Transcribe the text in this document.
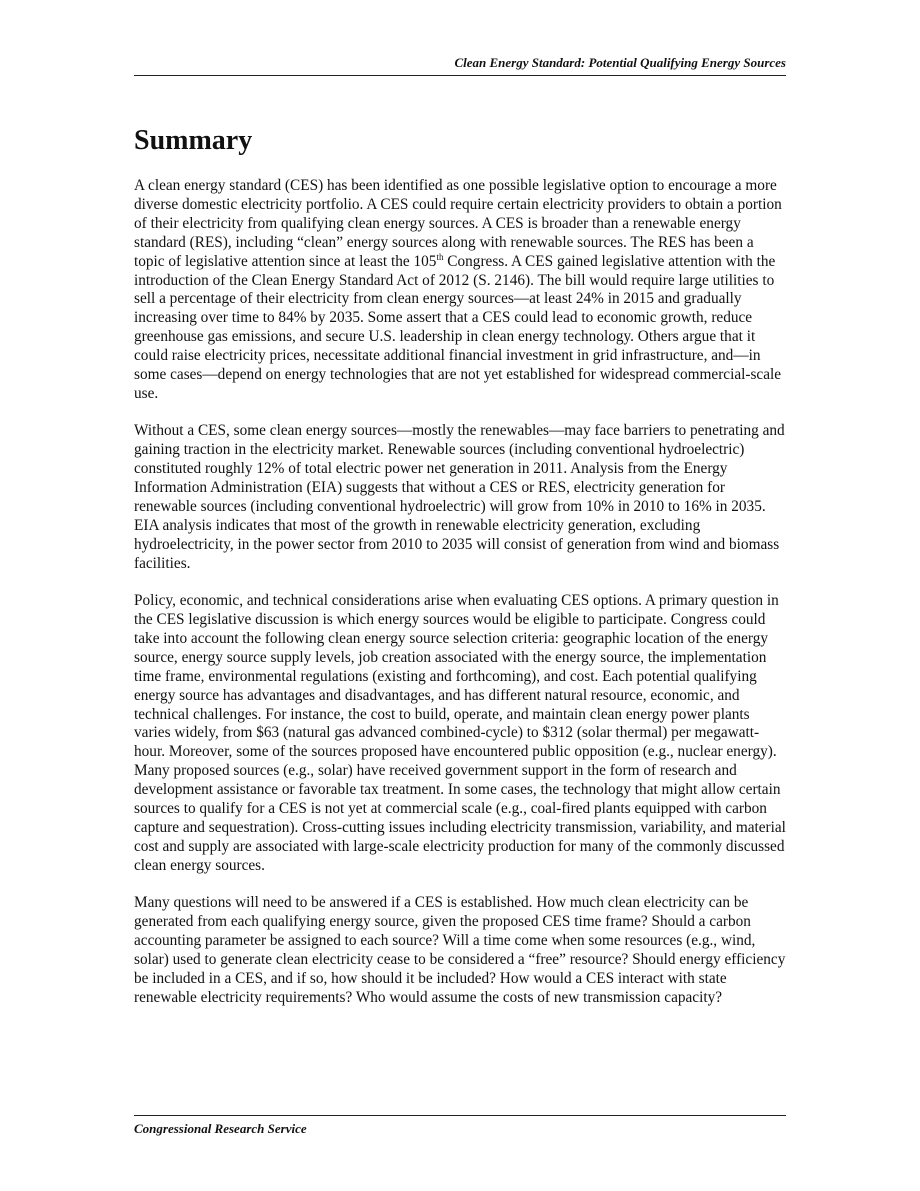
Clean Energy Standard: Potential Qualifying Energy Sources
Summary

A clean energy standard (CES) has been identified as one possible legislative option to encourage a more diverse domestic electricity portfolio. A CES could require certain electricity providers to obtain a portion of their electricity from qualifying clean energy sources. A CES is broader than a renewable energy standard (RES), including “clean” energy sources along with renewable sources. The RES has been a topic of legislative attention since at least the 105th Congress. A CES gained legislative attention with the introduction of the Clean Energy Standard Act of 2012 (S. 2146). The bill would require large utilities to sell a percentage of their electricity from clean energy sources—at least 24% in 2015 and gradually increasing over time to 84% by 2035. Some assert that a CES could lead to economic growth, reduce greenhouse gas emissions, and secure U.S. leadership in clean energy technology. Others argue that it could raise electricity prices, necessitate additional financial investment in grid infrastructure, and—in some cases—depend on energy technologies that are not yet established for widespread commercial-scale use.

Without a CES, some clean energy sources—mostly the renewables—may face barriers to penetrating and gaining traction in the electricity market. Renewable sources (including conventional hydroelectric) constituted roughly 12% of total electric power net generation in 2011. Analysis from the Energy Information Administration (EIA) suggests that without a CES or RES, electricity generation for renewable sources (including conventional hydroelectric) will grow from 10% in 2010 to 16% in 2035. EIA analysis indicates that most of the growth in renewable electricity generation, excluding hydroelectricity, in the power sector from 2010 to 2035 will consist of generation from wind and biomass facilities.

Policy, economic, and technical considerations arise when evaluating CES options. A primary question in the CES legislative discussion is which energy sources would be eligible to participate. Congress could take into account the following clean energy source selection criteria: geographic location of the energy source, energy source supply levels, job creation associated with the energy source, the implementation time frame, environmental regulations (existing and forthcoming), and cost. Each potential qualifying energy source has advantages and disadvantages, and has different natural resource, economic, and technical challenges. For instance, the cost to build, operate, and maintain clean energy power plants varies widely, from $63 (natural gas advanced combined-cycle) to $312 (solar thermal) per megawatt-hour. Moreover, some of the sources proposed have encountered public opposition (e.g., nuclear energy). Many proposed sources (e.g., solar) have received government support in the form of research and development assistance or favorable tax treatment. In some cases, the technology that might allow certain sources to qualify for a CES is not yet at commercial scale (e.g., coal-fired plants equipped with carbon capture and sequestration). Cross-cutting issues including electricity transmission, variability, and material cost and supply are associated with large-scale electricity production for many of the commonly discussed clean energy sources.

Many questions will need to be answered if a CES is established. How much clean electricity can be generated from each qualifying energy source, given the proposed CES time frame? Should a carbon accounting parameter be assigned to each source? Will a time come when some resources (e.g., wind, solar) used to generate clean electricity cease to be considered a “free” resource? Should energy efficiency be included in a CES, and if so, how should it be included? How would a CES interact with state renewable electricity requirements? Who would assume the costs of new transmission capacity?

Congressional Research Service
